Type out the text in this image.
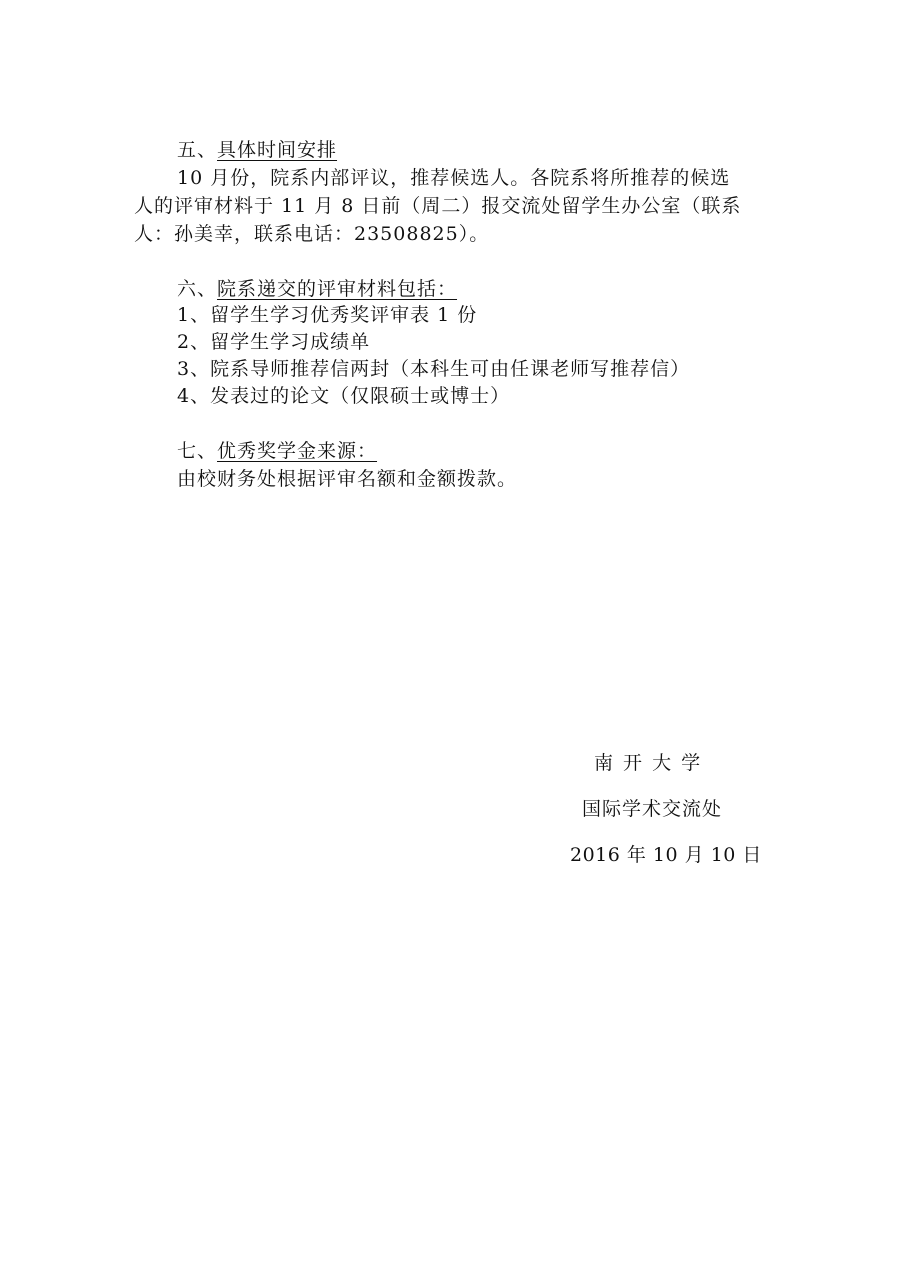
五、具体时间安排
10 月份，院系内部评议，推荐候选人。各院系将所推荐的候选
人的评审材料于 11 月 8 日前（周二）报交流处留学生办公室（联系
人：孙美幸，联系电话：23508825）。
六、院系递交的评审材料包括：
1、留学生学习优秀奖评审表 1 份
2、留学生学习成绩单
3、院系导师推荐信两封（本科生可由任课老师写推荐信）
4、发表过的论文（仅限硕士或博士）
七、优秀奖学金来源：
由校财务处根据评审名额和金额拨款。
南 开 大 学
国际学术交流处
2016 年 10 月 10 日
